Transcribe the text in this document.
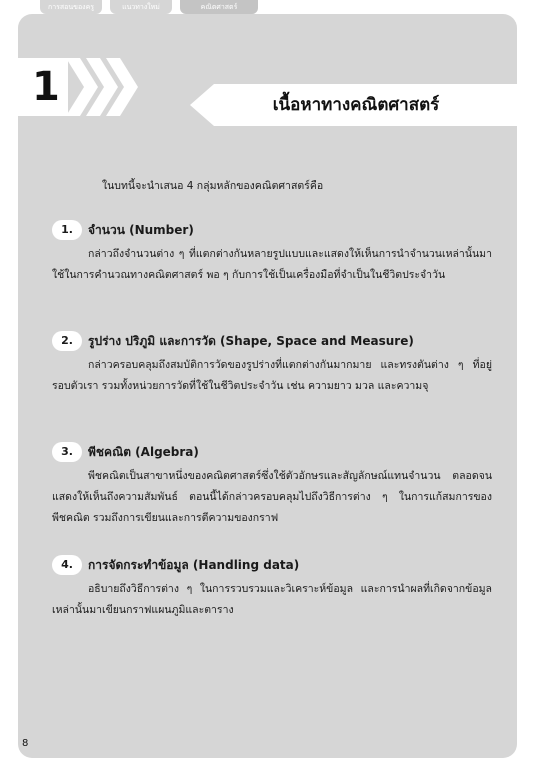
การสอนของครู	แนวทางใหม่	คณิตศาสตร์
1	เนื้อหาทางคณิตศาสตร์
ในบทนี้จะนำเสนอ 4 กลุ่มหลักของคณิตศาสตร์คือ
1.	จำนวน (Number)
กล่าวถึงจำนวนต่าง ๆ ที่แตกต่างกันหลายรูปแบบและแสดงให้เห็นการนำจำนวนเหล่านั้นมาใช้ในการคำนวณทางคณิตศาสตร์ พอ ๆ กับการใช้เป็นเครื่องมือที่จำเป็นในชีวิตประจำวัน
2.	รูปร่าง ปริภูมิ และการวัด (Shape, Space and Measure)
กล่าวครอบคลุมถึงสมบัติการวัดของรูปร่างที่แตกต่างกันมากมาย และทรงตันต่าง ๆ ที่อยู่รอบตัวเรา รวมทั้งหน่วยการวัดที่ใช้ในชีวิตประจำวัน เช่น ความยาว มวล และความจุ
3.	พีชคณิต (Algebra)
พีชคณิตเป็นสาขาหนึ่งของคณิตศาสตร์ซึ่งใช้ตัวอักษรและสัญลักษณ์แทนจำนวน ตลอดจนแสดงให้เห็นถึงความสัมพันธ์ ตอนนี้ได้กล่าวครอบคลุมไปถึงวิธีการต่าง ๆ ในการแก้สมการของพีชคณิต รวมถึงการเขียนและการตีความของกราฟ
4.	การจัดกระทำข้อมูล (Handling data)
อธิบายถึงวิธีการต่าง ๆ ในการรวบรวมและวิเคราะห์ข้อมูล และการนำผลที่เกิดจากข้อมูลเหล่านั้นมาเขียนกราฟแผนภูมิและตาราง
8
